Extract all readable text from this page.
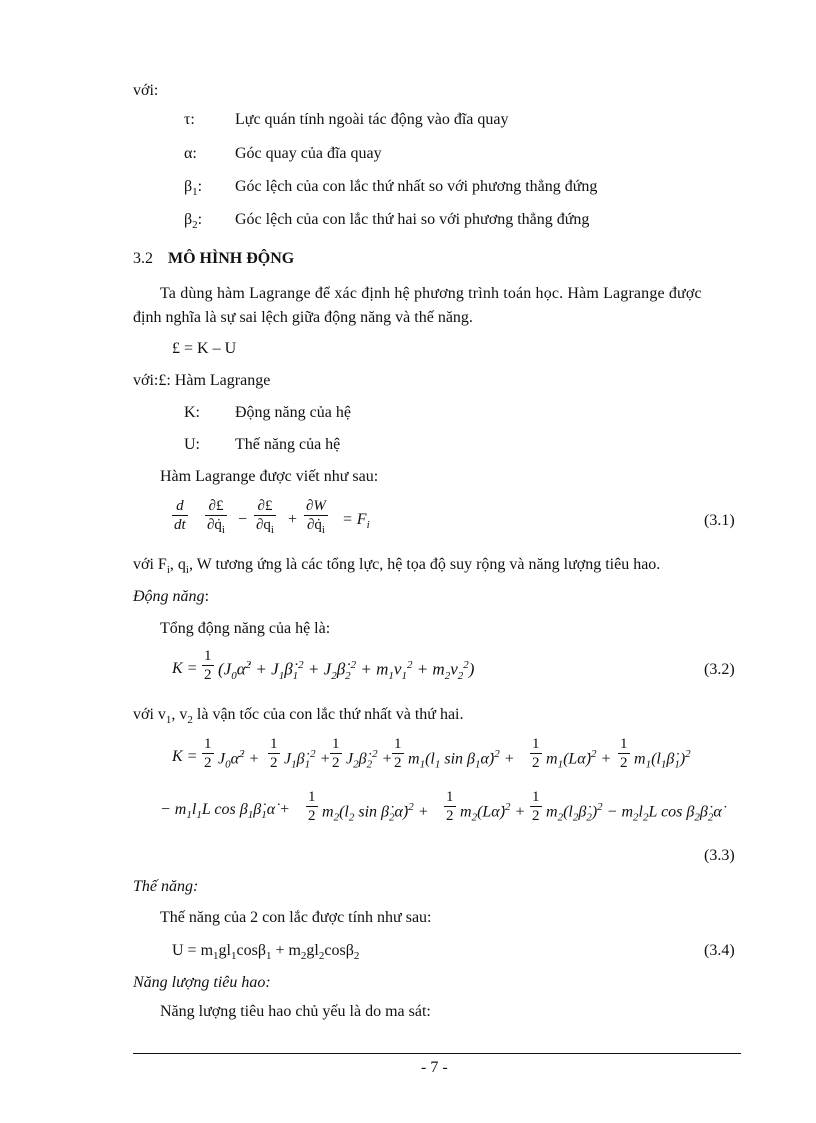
với:
τ:	Lực quán tính ngoài tác động vào đĩa quay
α: Góc quay của đĩa quay
$\beta_1$: Góc lệch của con lắc thứ nhất so với phương thẳng đứng
$\beta_2$: Góc lệch của con lắc thứ hai so với phương thẳng đứng
3.2 MÔ HÌNH ĐỘNG
Ta dùng hàm Lagrange để xác định hệ phương trình toán học. Hàm Lagrange được
định nghĩa là sự sai lệch giữa động năng và thế năng.
£ = K – U
với:£: Hàm Lagrange
K: Động năng của hệ
U: Thế năng của hệ
Hàm Lagrange được viết như sau:
$\frac{d}{dt}$ ∂£
$\partial q̇_i$
−
∂£
$\partial q_i$
+ $\frac{\partial W}{\partial q̇_i} = F_i$	(3.1)
với $F_i$, $q_i$, W tương ứng là các tổng lực, hệ tọa độ suy rộng và năng lượng tiêu hao.
Động năng:
Tổng động năng của hệ là:
$K = \frac{1}{2}$ ($J_0\alphȧ^2$ + $J_1\betȧ_1^2$ + $J_2\betȧ_2^2 + m_1v_1^2 + m_2v_2^2$)	(3.2)
với $v_1$, $v_2$ là vận tốc của con lắc thứ nhất và thứ hai.
$K = \frac{1}{2}$ $J_0\alphȧ^2 + \frac{1}{2}$ $J_1\betȧ_1^2 + \frac{1}{2}$ $J_2\betȧ_2^2 + \frac{1}{2} m_1(l_1$ $\sin \beta_1\alphȧ)^2 + \frac{1}{2}$ $m_1(L\alphȧ)^2 + \frac{1}{2}$ $m_1(l_1\betȧ_1)^2$
− $m_1l_1L$ $\cos \beta_1\betȧ_1\alphȧ + \frac{1}{2} m_2(l_2$ $\sin \betȧ_2\alphȧ)^2 + \frac{1}{2}$ $m_2(L\alphȧ)^2 + \frac{1}{2}$ $m_2(l_2\betȧ_2)^2 - m_2l_2L$ $\cos \beta_2\betȧ_2\alphȧ$
(3.3)
Thế năng:
Thế năng của 2 con lắc được tính như sau:
$U = m_1gl_1\cos\beta_1 + m_2gl_2\cos\beta_2$	(3.4)
Năng lượng tiêu hao:
Năng lượng tiêu hao chủ yếu là do ma sát:
- 7 -
